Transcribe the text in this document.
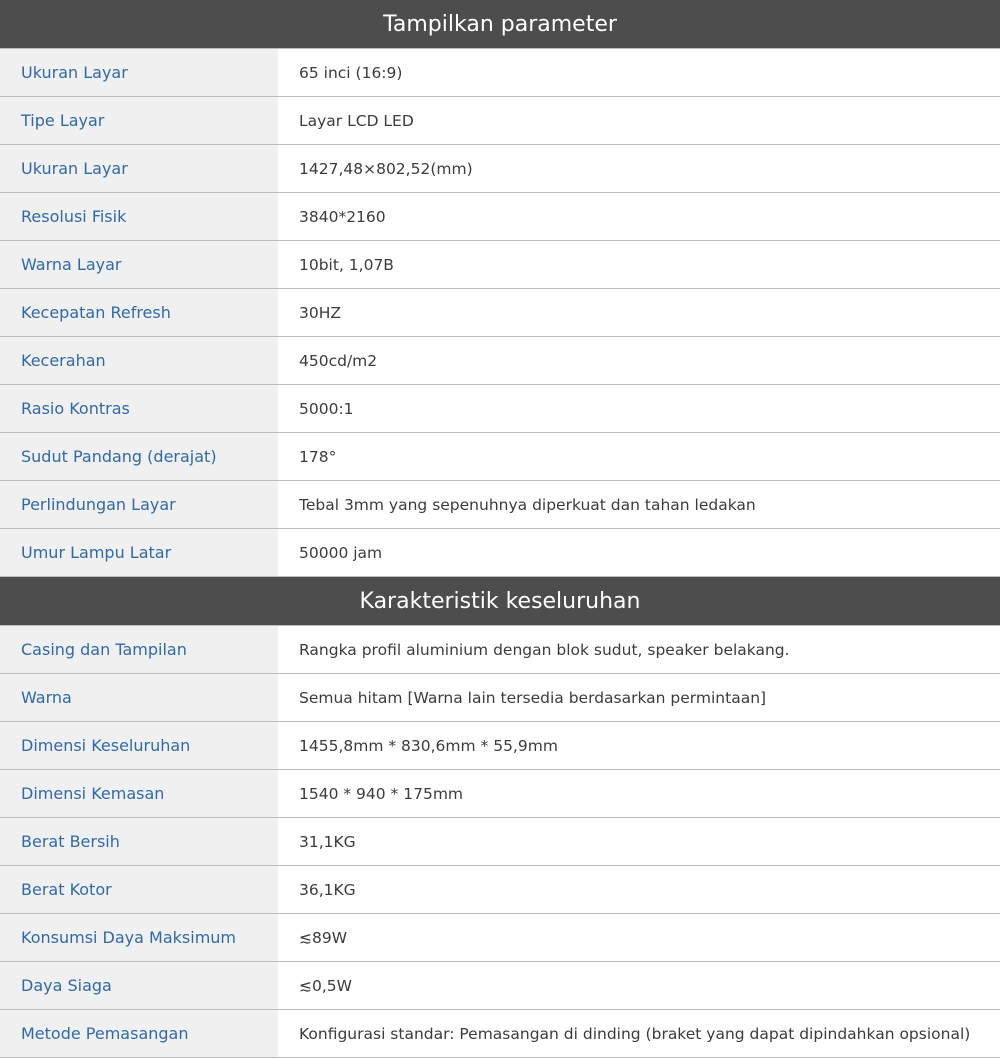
Tampilkan parameter	
Ukuran Layar	65 inci (16:9)
Tipe Layar	Layar LCD LED
Ukuran Layar	1427,48×802,52(mm)
Resolusi Fisik	3840*2160
Warna Layar	10bit, 1,07B
Kecepatan Refresh	30HZ
Kecerahan	450cd/m2
Rasio Kontras	5000:1
Sudut Pandang (derajat)	178°
Perlindungan Layar	Tebal 3mm yang sepenuhnya diperkuat dan tahan ledakan
Umur Lampu Latar	50000 jam
Karakteristik keseluruhan	
Casing dan Tampilan	Rangka profil aluminium dengan blok sudut, speaker belakang.
Warna	Semua hitam [Warna lain tersedia berdasarkan permintaan]
Dimensi Keseluruhan	1455,8mm * 830,6mm * 55,9mm
Dimensi Kemasan	1540 * 940 * 175mm
Berat Bersih	31,1KG
Berat Kotor	36,1KG
Konsumsi Daya Maksimum	≲89W
Daya Siaga	≲0,5W
Metode Pemasangan	Konfigurasi standar: Pemasangan di dinding (braket yang dapat dipindahkan opsional)
